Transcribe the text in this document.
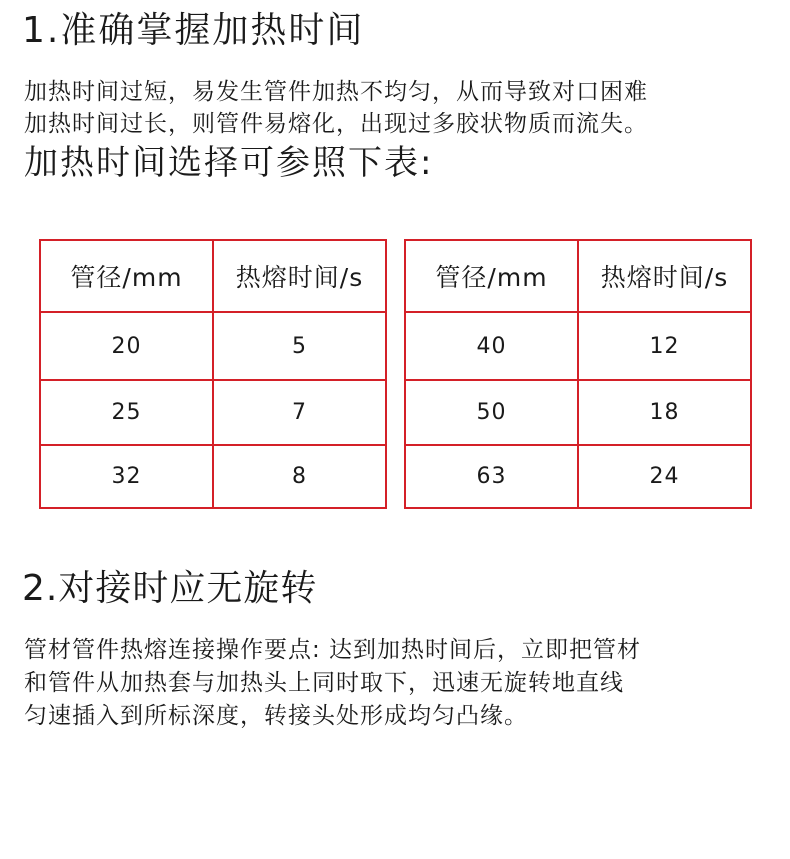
1.准确掌握加热时间
加热时间过短，易发生管件加热不均匀，从而导致对口困难
加热时间过长，则管件易熔化，出现过多胶状物质而流失。
加热时间选择可参照下表:
管径/mm	热熔时间/s
20	5
25	7
32	8
管径/mm	热熔时间/s
40	12
50	18
63	24
2.对接时应无旋转
管材管件热熔连接操作要点: 达到加热时间后，立即把管材
和管件从加热套与加热头上同时取下，迅速无旋转地直线
匀速插入到所标深度，转接头处形成均匀凸缘。
